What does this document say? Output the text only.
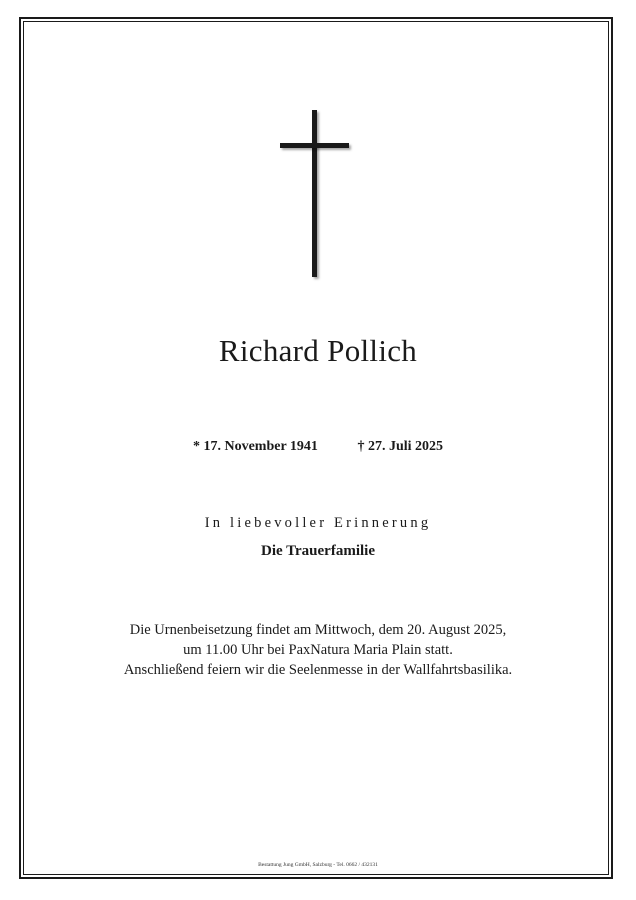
Richard Pollich
* 17. November 1941	† 27. Juli 2025
In liebevoller Erinnerung
Die Trauerfamilie
Die Urnenbeisetzung findet am Mittwoch, dem 20. August 2025,
um 11.00 Uhr bei PaxNatura Maria Plain statt.
Anschließend feiern wir die Seelenmesse in der Wallfahrtsbasilika.
Bestattung Jung GmbH, Salzburg - Tel. 0662 / 432131
